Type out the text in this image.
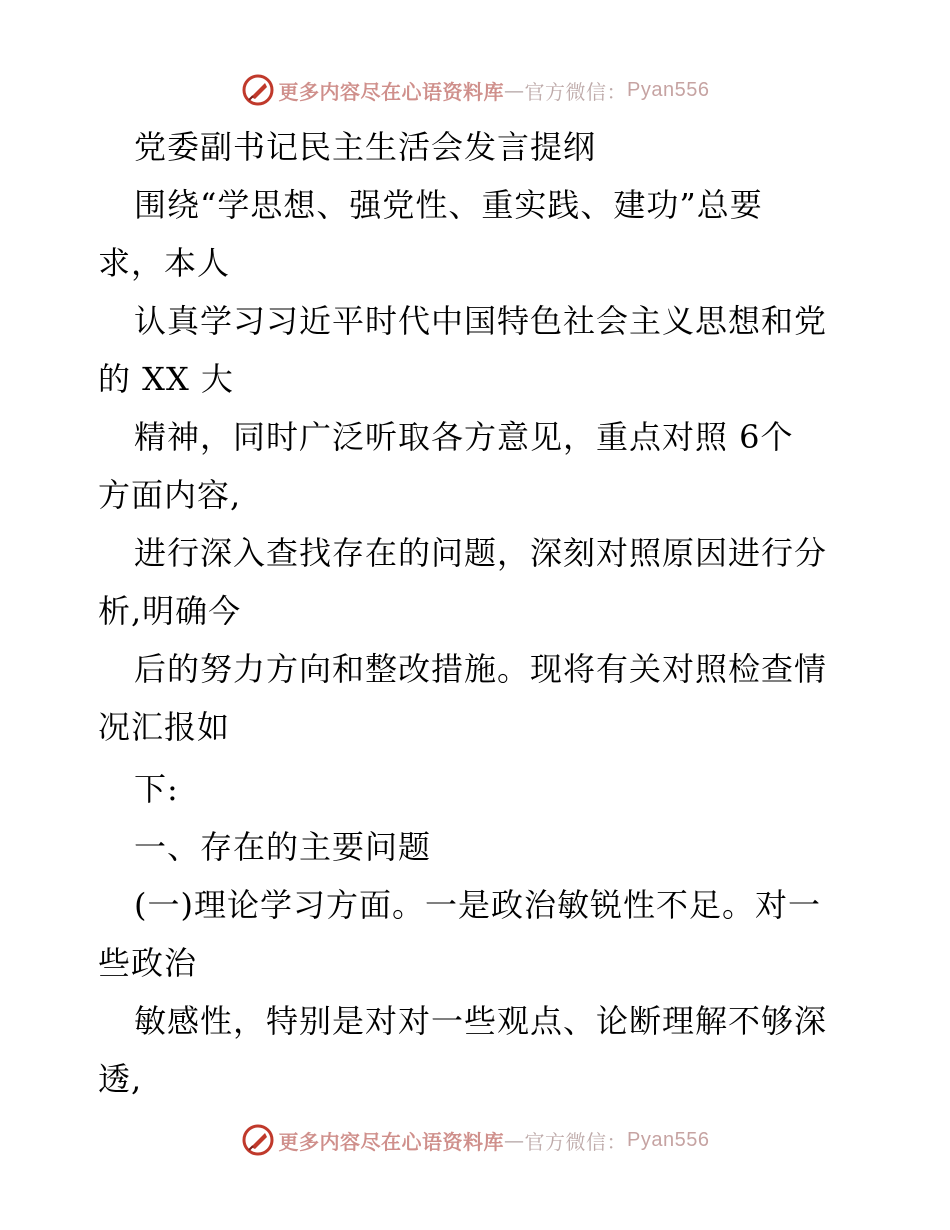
更多内容尽在心语资料库 — 官方微信： Pyan556
党委副书记民主生活会发言提纲
围绕“学思想、强党性、重实践、建功”总要
求，本人
认真学习习近平时代中国特色社会主义思想和党
的 XX 大
精神，同时广泛听取各方意见，重点对照 6个
方面内容,
进行深入查找存在的问题，深刻对照原因进行分
析,明确今
后的努力方向和整改措施。现将有关对照检查情
况汇报如
下:
一、存在的主要问题
(一)理论学习方面。一是政治敏锐性不足。对一
些政治
敏感性，特别是对对一些观点、论断理解不够深
透,
更多内容尽在心语资料库 — 官方微信： Pyan556
